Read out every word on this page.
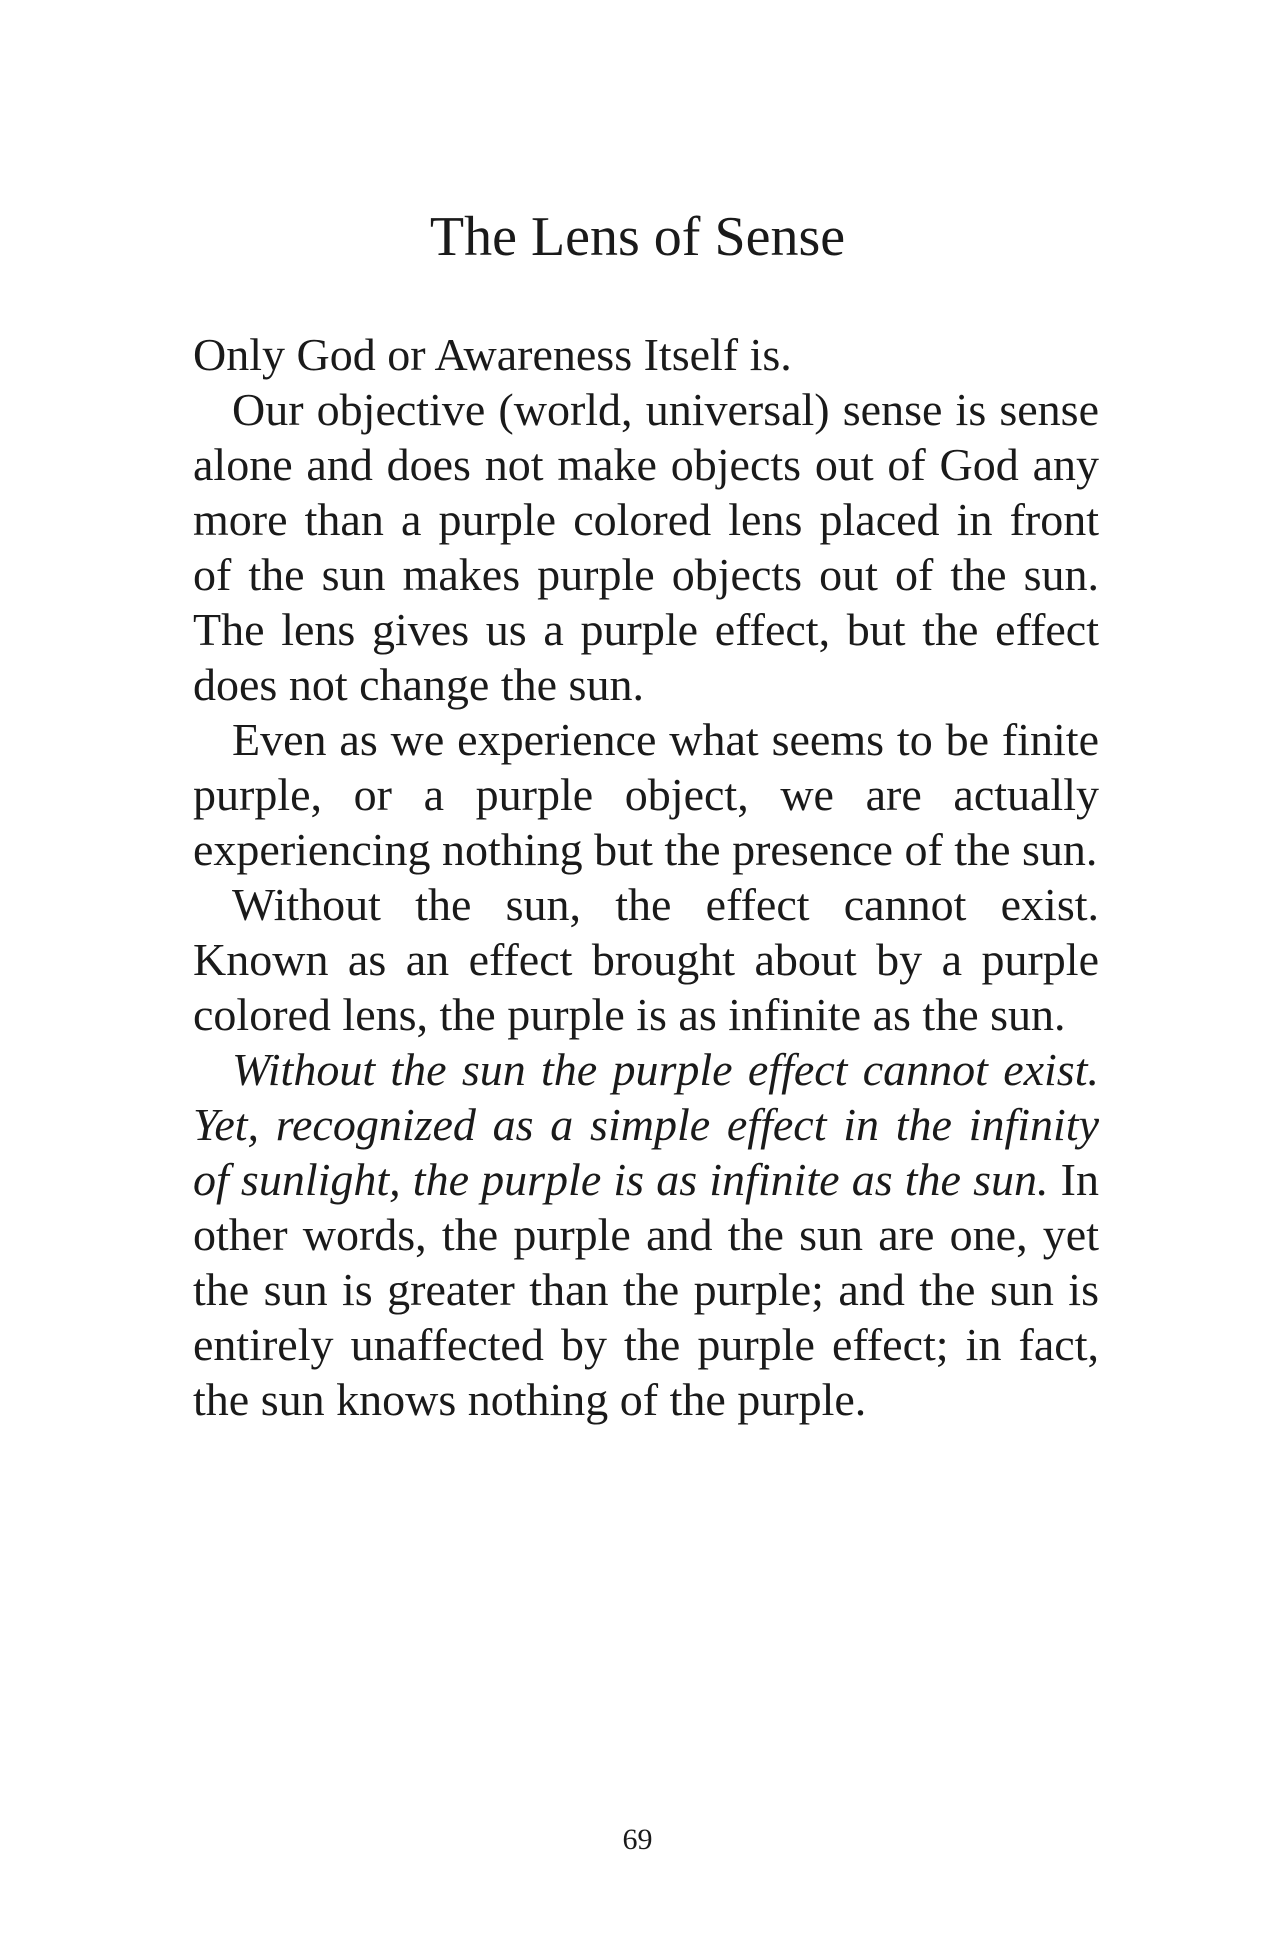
The Lens of Sense

Only God or Awareness Itself is.

Our objective (world, universal) sense is sense alone and does not make objects out of God any more than a purple colored lens placed in front of the sun makes purple objects out of the sun. The lens gives us a purple effect, but the effect does not change the sun.

Even as we experience what seems to be finite purple, or a purple object, we are actually experiencing nothing but the presence of the sun.

Without the sun, the effect cannot exist. Known as an effect brought about by a purple colored lens, the purple is as infinite as the sun.

Without the sun the purple effect cannot exist. Yet, recognized as a simple effect in the infinity of sunlight, the purple is as infinite as the sun. In other words, the purple and the sun are one, yet the sun is greater than the purple; and the sun is entirely unaffected by the purple effect; in fact, the sun knows nothing of the purple.

69
